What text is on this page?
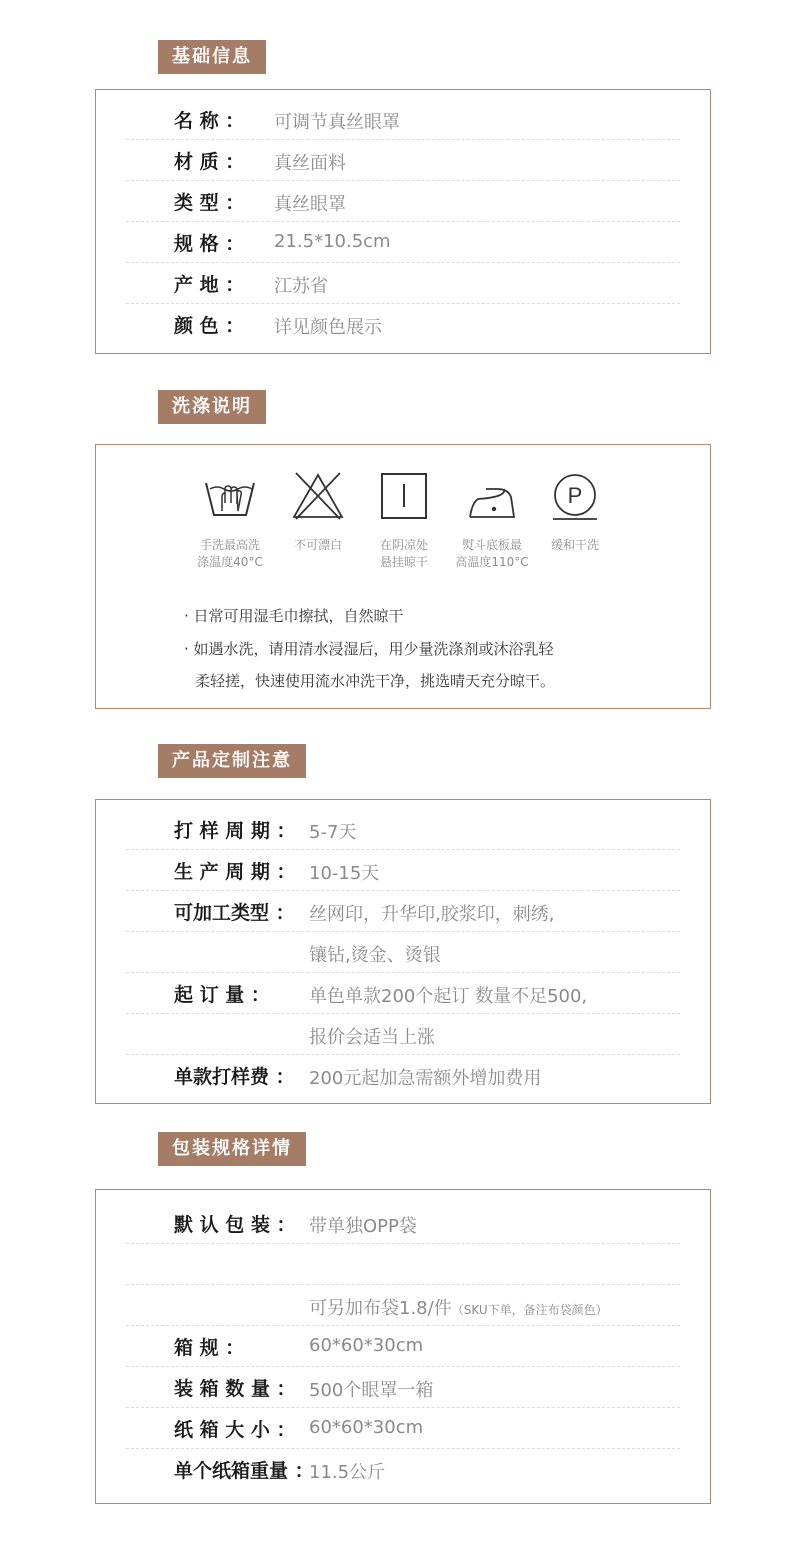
基础信息
名 称 ： 可调节真丝眼罩
材 质 ： 真丝面料
类 型 ： 真丝眼罩
规 格 ： 21.5*10.5cm
产 地 ： 江苏省
颜 色 ： 详见颜色展示
洗涤说明
手洗最高洗
涤温度40°C
不可漂白	在阴凉处
悬挂晾干
熨斗底板最
高温度110°C
P
缓和干洗
· 日常可用湿毛巾擦拭，自然晾干
· 如遇水洗，请用清水浸湿后，用少量洗涤剂或沐浴乳轻
柔轻搓，快速使用流水冲洗干净，挑选晴天充分晾干。
产品定制注意
打 样 周 期 ： 5-7天
生 产 周 期 ： 10-15天
可加工类型 ： 丝网印，升华印,胶浆印，刺绣,
镶钻,烫金、烫银
起 订 量 ： 单色单款200个起订 数量不足500,
报价会适当上涨
单款打样费 ： 200元起加急需额外增加费用
包装规格详情
默 认 包 装 ： 带单独OPP袋
可另加布袋1.8/件（SKU下单，备注布袋颜色）
箱 规 ：	60*60*30cm
装 箱 数 量 ： 500个眼罩一箱
纸 箱 大 小 ： 60*60*30cm
单个纸箱重量 ：
11.5公斤
